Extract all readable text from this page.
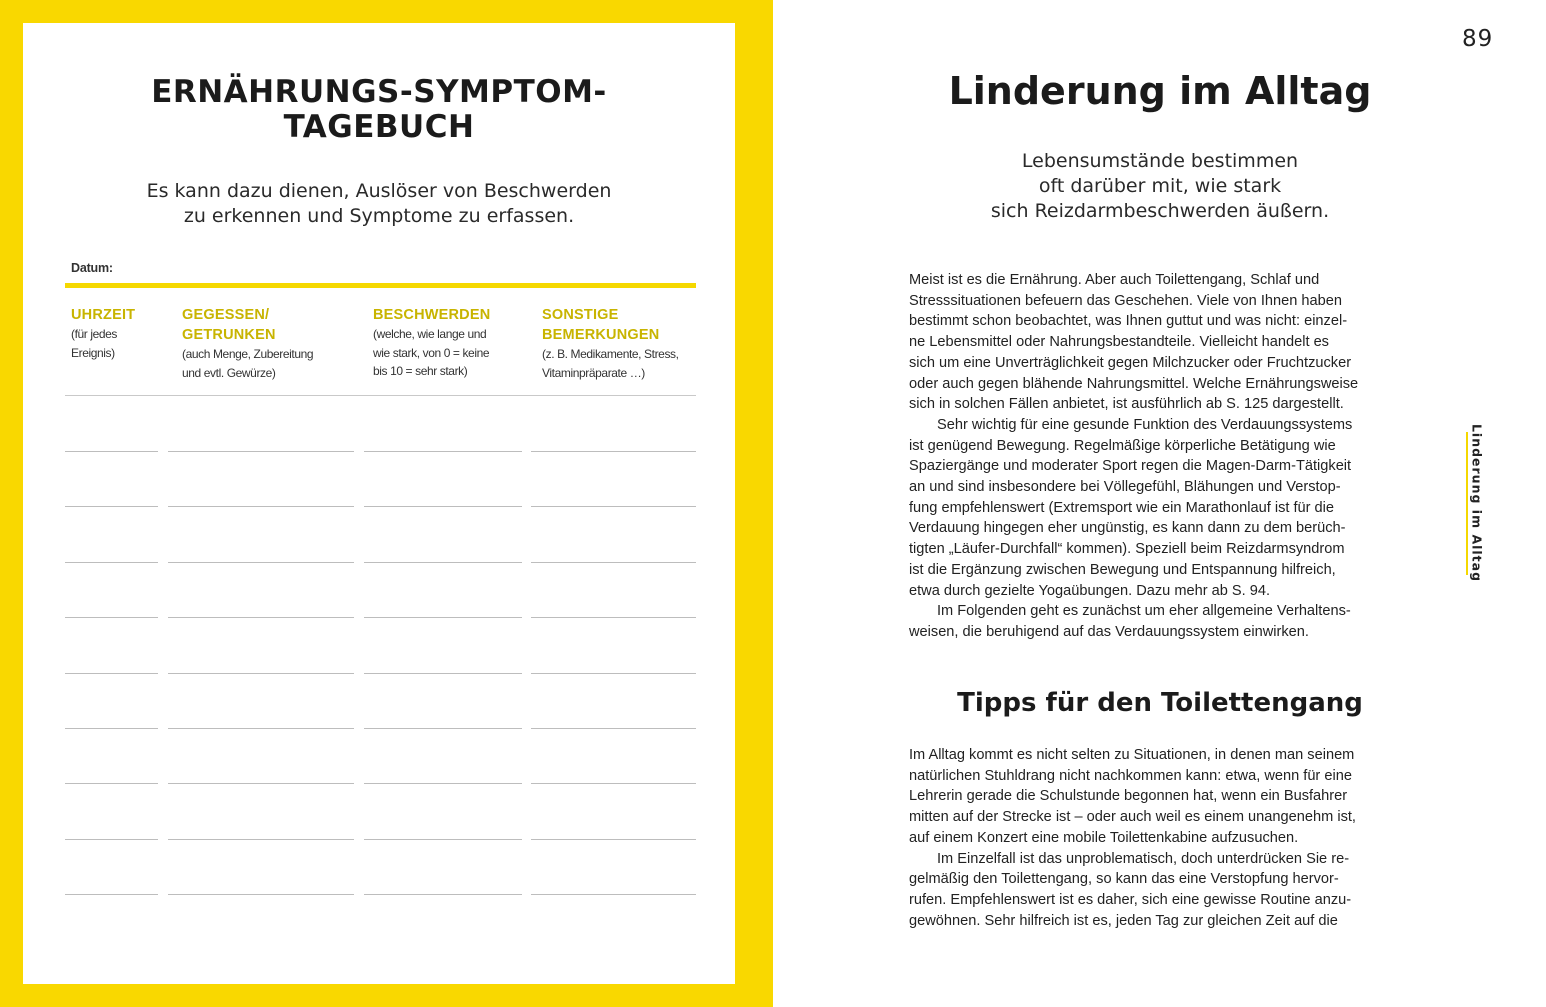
ERNÄHRUNGS-SYMPTOM-
TAGEBUCH
Es kann dazu dienen, Auslöser von Beschwerden
zu erkennen und Symptome zu erfassen.
Datum:
UHRZEIT
(für jedes
Ereignis)
GEGESSEN/
GETRUNKEN
(auch Menge, Zubereitung
und evtl. Gewürze)
BESCHWERDEN
(welche, wie lange und
wie stark, von 0 = keine
bis 10 = sehr stark)
SONSTIGE
BEMERKUNGEN
(z. B. Medikamente, Stress,
Vitaminpräparate …)
89
Linderung im Alltag
Lebensumstände bestimmen
oft darüber mit, wie stark
sich Reizdarmbeschwerden äußern.
Meist ist es die Ernährung. Aber auch Toilettengang, Schlaf und
Stresssituationen befeuern das Geschehen. Viele von Ihnen haben
bestimmt schon beobachtet, was Ihnen guttut und was nicht: einzel-
ne Lebensmittel oder Nahrungsbestandteile. Vielleicht handelt es
sich um eine Unverträglichkeit gegen Milchzucker oder Fruchtzucker
oder auch gegen blähende Nahrungsmittel. Welche Ernährungsweise
sich in solchen Fällen anbietet, ist ausführlich ab S. 125 dargestellt.
Sehr wichtig für eine gesunde Funktion des Verdauungssystems
ist genügend Bewegung. Regelmäßige körperliche Betätigung wie
Spaziergänge und moderater Sport regen die Magen-Darm-Tätigkeit
an und sind insbesondere bei Völlegefühl, Blähungen und Verstop-
fung empfehlenswert (Extremsport wie ein Marathonlauf ist für die
Verdauung hingegen eher ungünstig, es kann dann zu dem berüch-
tigten „Läufer-Durchfall“ kommen). Speziell beim Reizdarmsyndrom
ist die Ergänzung zwischen Bewegung und Entspannung hilfreich,
etwa durch gezielte Yogaübungen. Dazu mehr ab S. 94.
Im Folgenden geht es zunächst um eher allgemeine Verhaltens-
weisen, die beruhigend auf das Verdauungssystem einwirken.
Tipps für den Toilettengang
Im Alltag kommt es nicht selten zu Situationen, in denen man seinem
natürlichen Stuhldrang nicht nachkommen kann: etwa, wenn für eine
Lehrerin gerade die Schulstunde begonnen hat, wenn ein Busfahrer
mitten auf der Strecke ist – oder auch weil es einem unangenehm ist,
auf einem Konzert eine mobile Toilettenkabine aufzusuchen.
Im Einzelfall ist das unproblematisch, doch unterdrücken Sie re-
gelmäßig den Toilettengang, so kann das eine Verstopfung hervor-
rufen. Empfehlenswert ist es daher, sich eine gewisse Routine anzu-
gewöhnen. Sehr hilfreich ist es, jeden Tag zur gleichen Zeit auf die
Linderung im Alltag
